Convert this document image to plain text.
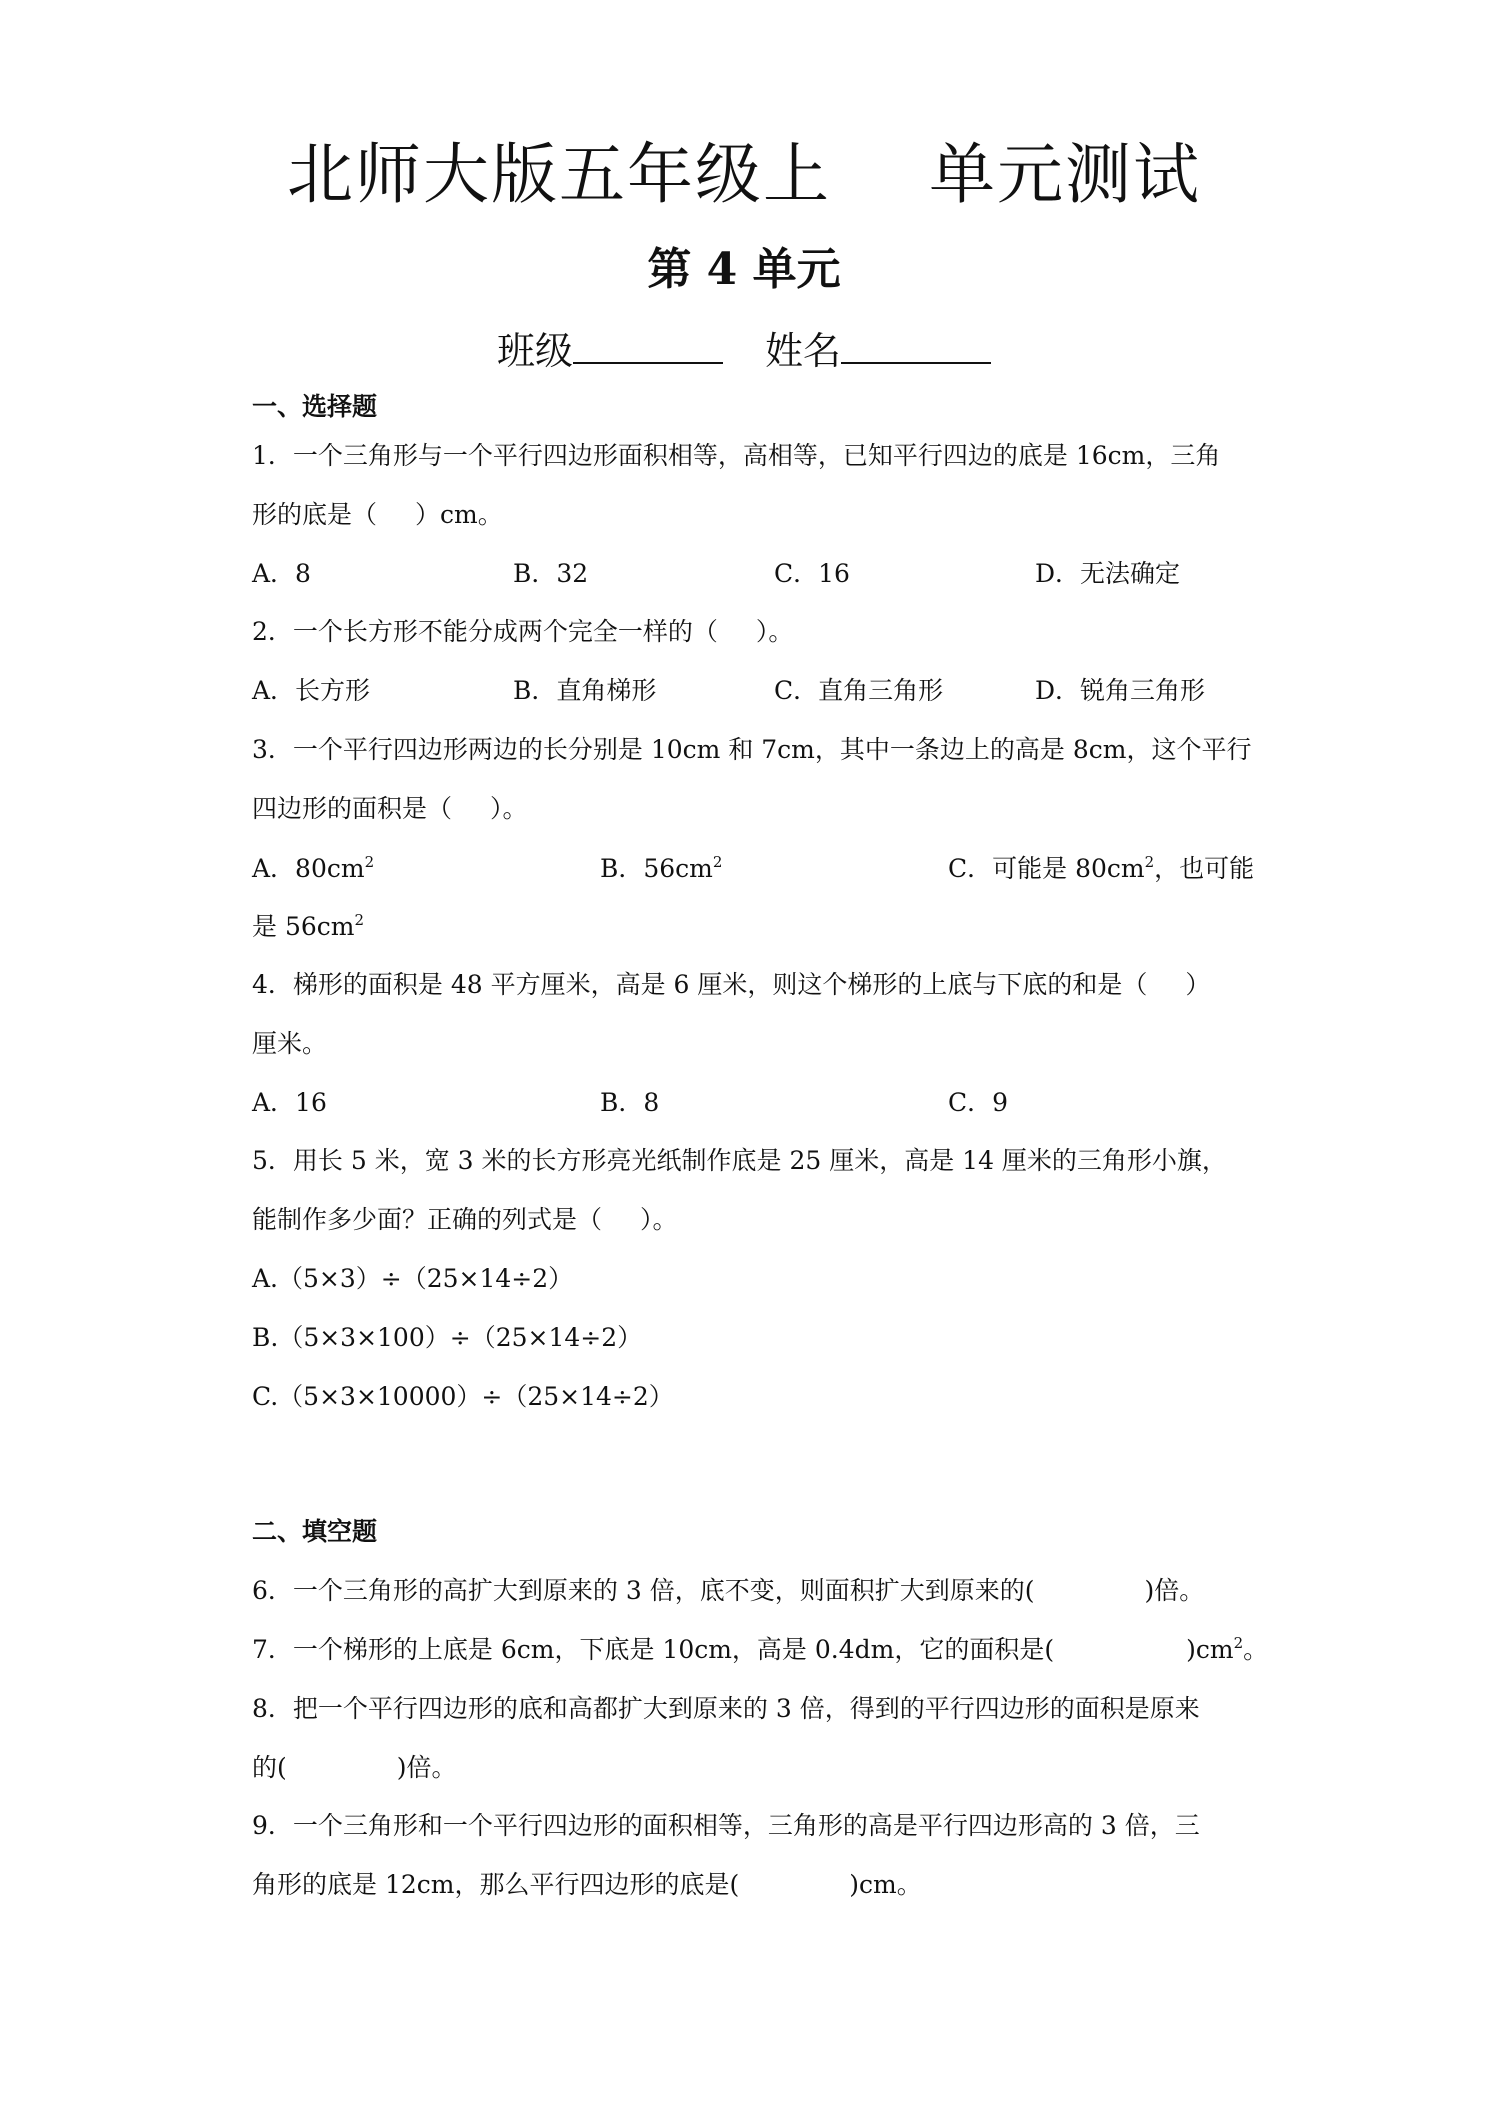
北师大版五年级上 单元测试
第 4 单元
班级	姓名
一、选择题
1．一个三角形与一个平行四边形面积相等，高相等，已知平行四边的底是 16cm，三角
形的底是（ ）cm。
A．8	B．32	C．16	D．无法确定
2．一个长方形不能分成两个完全一样的（ ）。
A．长方形	B．直角梯形	C．直角三角形	D．锐角三角形
3．一个平行四边形两边的长分别是 10cm 和 7cm，其中一条边上的高是 8cm，这个平行
四边形的面积是（ ）。
A．$80cm^2$	B．$56cm^2$	C．可能是 $80cm^2$，也可能
是 $56cm^2$
4．梯形的面积是 48 平方厘米，高是 6 厘米，则这个梯形的上底与下底的和是（ ）
厘米。
A．16	B．8	C．9
5．用长 5 米，宽 3 米的长方形亮光纸制作底是 25 厘米，高是 14 厘米的三角形小旗，
能制作多少面？正确的列式是（ ）。
A.（5×3）÷（25×14÷2）
B.（5×3×100）÷（25×14÷2）
C.（5×3×10000）÷（25×14÷2）
二、填空题
6．一个三角形的高扩大到原来的 3 倍，底不变，则面积扩大到原来的(	)倍。
7．一个梯形的上底是 6cm，下底是 10cm，高是 0.4dm，它的面积是(	)$cm^2$。
8．把一个平行四边形的底和高都扩大到原来的 3 倍，得到的平行四边形的面积是原来
的(	)倍。
9．一个三角形和一个平行四边形的面积相等，三角形的高是平行四边形高的 3 倍，三
角形的底是 12cm，那么平行四边形的底是(	)cm。
